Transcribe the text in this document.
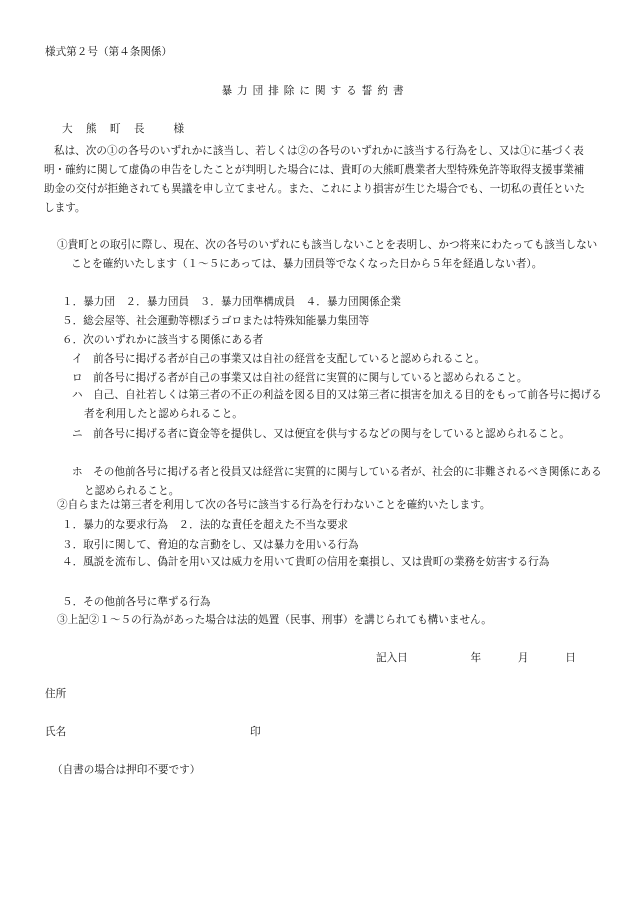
様式第２号（第４条関係）
暴力団排除に関する誓約書
大 熊 町 長　 様
私は、次の①の各号のいずれかに該当し、若しくは②の各号のいずれかに該当する行為をし、又は①に基づく表明・確約に関して虚偽の申告をしたことが判明した場合には、貴町の大熊町農業者大型特殊免許等取得支援事業補助金の交付が拒絶されても異議を申し立てません。また、これにより損害が生じた場合でも、一切私の責任といたします。
①貴町との取引に際し、現在、次の各号のいずれにも該当しないことを表明し、かつ将来にわたっても該当しないことを確約いたします（１～５にあっては、暴力団員等でなくなった日から５年を経過しない者）。
１．暴力団　２．暴力団員　３．暴力団準構成員　４．暴力団関係企業
５．総会屋等、社会運動等標ぼうゴロまたは特殊知能暴力集団等
６．次のいずれかに該当する関係にある者
イ　前各号に掲げる者が自己の事業又は自社の経営を支配していると認められること。
ロ　前各号に掲げる者が自己の事業又は自社の経営に実質的に関与していると認められること。
ハ　自己、自社若しくは第三者の不正の利益を図る目的又は第三者に損害を加える目的をもって前各号に掲げる者を利用したと認められること。
ニ　前各号に掲げる者に資金等を提供し、又は便宜を供与するなどの関与をしていると認められること。
ホ　その他前各号に掲げる者と役員又は経営に実質的に関与している者が、社会的に非難されるべき関係にあると認められること。
②自らまたは第三者を利用して次の各号に該当する行為を行わないことを確約いたします。
１．暴力的な要求行為　２．法的な責任を超えた不当な要求
３．取引に関して、脅迫的な言動をし、又は暴力を用いる行為
４．風説を流布し、偽計を用い又は威力を用いて貴町の信用を棄損し、又は貴町の業務を妨害する行為
５．その他前各号に準ずる行為
③上記②１～５の行為があった場合は法的処置（民事、刑事）を講じられても構いません。
記入日	年	月	日
住所
氏名	印
（自書の場合は押印不要です）
